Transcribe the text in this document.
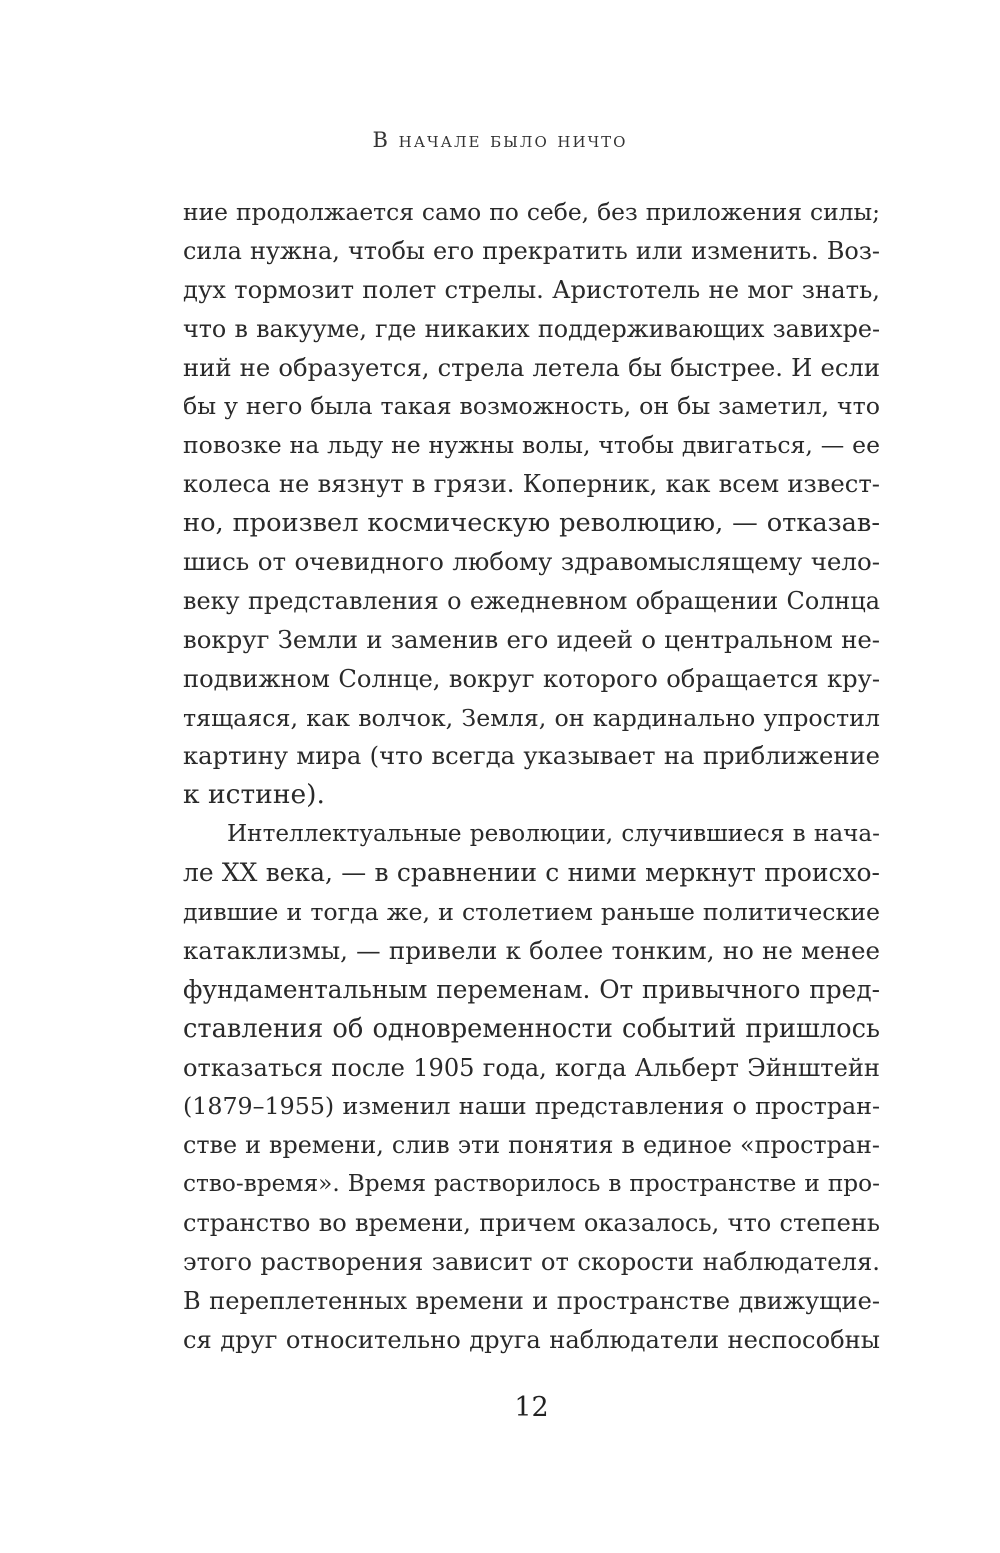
В начале было ничто
ние продолжается само по себе, без приложения силы;
сила нужна, чтобы его прекратить или изменить. Воз-
дух тормозит полет стрелы. Аристотель не мог знать,
что в вакууме, где никаких поддерживающих завихре-
ний не образуется, стрела летела бы быстрее. И если
бы у него была такая возможность, он бы заметил, что
повозке на льду не нужны волы, чтобы двигаться, — ее
колеса не вязнут в грязи. Коперник, как всем извест-
но, произвел космическую революцию, — отказав-
шись от очевидного любому здравомыслящему чело-
веку представления о ежедневном обращении Солнца
вокруг Земли и заменив его идеей о центральном не-
подвижном Солнце, вокруг которого обращается кру-
тящаяся, как волчок, Земля, он кардинально упростил
картину мира (что всегда указывает на приближение
к истине).
Интеллектуальные революции, случившиеся в нача-
ле XX века, — в сравнении с ними меркнут происхо-
дившие и тогда же, и столетием раньше политические
катаклизмы, — привели к более тонким, но не менее
фундаментальным переменам. От привычного пред-
ставления об одновременности событий пришлось
отказаться после 1905 года, когда Альберт Эйнштейн
(1879–1955) изменил наши представления о простран-
стве и времени, слив эти понятия в единое «простран-
ство-время». Время растворилось в пространстве и про-
странство во времени, причем оказалось, что степень
этого растворения зависит от скорости наблюдателя.
В переплетенных времени и пространстве движущие-
ся друг относительно друга наблюдатели неспособны
12
